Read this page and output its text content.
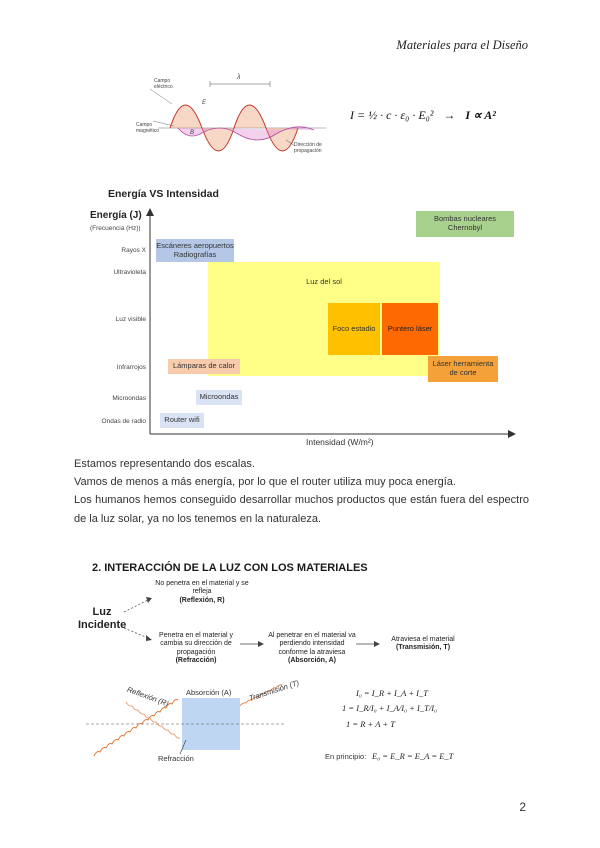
Materiales para el Diseño
Campo eléctrico
Campo magnético
Dirección de propagación
λ
E
B
I = ½ · c · ε₀ · E₀² → I ∝ A²
Energía VS Intensidad
Energía (J)
(Frecuencia (Hz))
Rayos X
Ultravioleta
Luz visible
Infrarrojos
Microondas
Ondas de radio
Bombas nucleares Chernobyl
Escáneres aeropuertos Radiografías
Luz del sol
Foco estadio	Puntero láser
Lámparas de calor	Láser herramienta de corte
Microondas
Router wifi
Intensidad (W/m²)
Estamos representando dos escalas.
Vamos de menos a más energía, por lo que el router utiliza muy poca energía.
Los humanos hemos conseguido desarrollar muchos productos que están fuera del espectro de la luz solar, ya no los tenemos en la naturaleza.
2. INTERACCIÓN DE LA LUZ CON LOS MATERIALES
Luz Incidente
No penetra en el material y se refleja
(Reflexión, R)
Penetra en el material y cambia su dirección de propagación
(Refracción)
Al penetrar en el material va perdiendo intensidad conforme la atraviesa
(Absorción, A)
Atraviesa el material
(Transmisión, T)
Reflexión (R) Absorción (A) Transmisión (T)
Refracción
I₀ = I_R + I_A + I_T
1 = I_R/I₀ + I_A/I₀ + I_T/I₀
1 = R + A + T
En principio: E₀ = E_R = E_A = E_T
2
